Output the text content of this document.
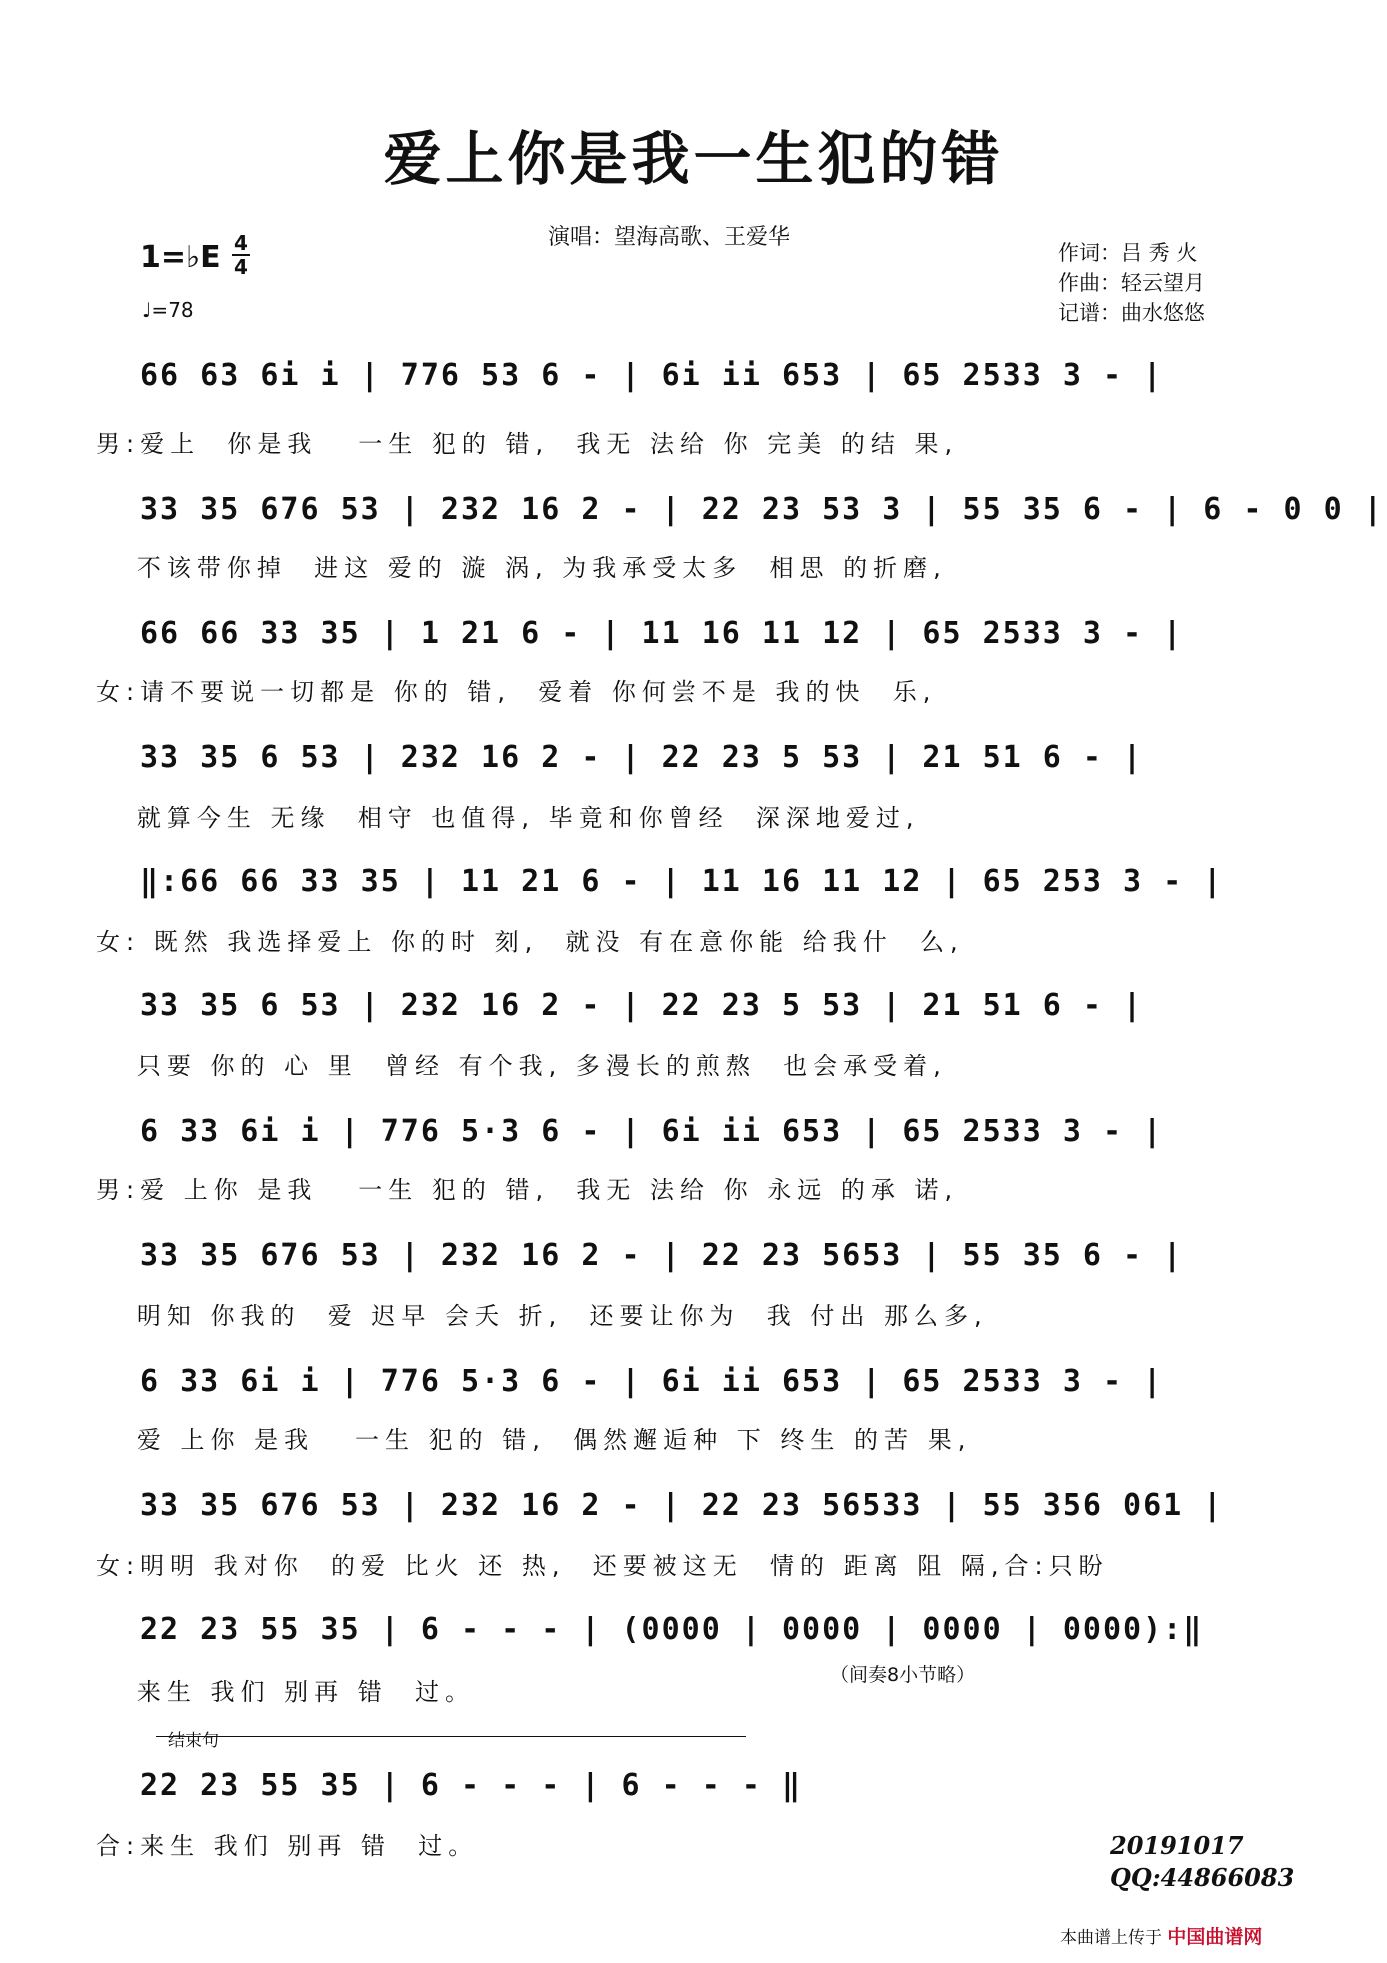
爱上你是我一生犯的错
演唱：望海高歌、王爱华
1=♭E 4
4
♩=78
作词：吕 秀 火
作曲：轻云望月
记谱：曲水悠悠
66 63 6i i | 776 53 6 - | 6i ii 653 | 65 2533 3 - |
男:爱上  你是我   一生 犯的 错,  我无 法给 你 完美 的结 果,
33 35 676 53 | 232 16 2 - | 22 23 53 3 | 55 35 6 - | 6 - 0 0 |
不该带你掉  进这 爱的 漩 涡, 为我承受太多  相思 的折磨,
66 66 33 35 | 1 21 6 - | 11 16 11 12 | 65 2533 3 - |
女:请不要说一切都是 你的 错,  爱着 你何尝不是 我的快  乐,
33 35 6 53 | 232 16 2 - | 22 23 5 53 | 21 51 6 - |
就算今生 无缘  相守 也值得, 毕竟和你曾经  深深地爱过,
‖:66 66 33 35 | 11 21 6 - | 11 16 11 12 | 65 253 3 - |
女: 既然 我选择爱上 你的时 刻,  就没 有在意你能 给我什  么,
33 35 6 53 | 232 16 2 - | 22 23 5 53 | 21 51 6 - |
只要 你的 心 里  曾经 有个我, 多漫长的煎熬  也会承受着,
6 33 6i i | 776 5·3 6 - | 6i ii 653 | 65 2533 3 - |
男:爱 上你 是我   一生 犯的 错,  我无 法给 你 永远 的承 诺,
33 35 676 53 | 232 16 2 - | 22 23 5653 | 55 35 6 - |
明知 你我的  爱 迟早 会夭 折,  还要让你为  我 付出 那么多,
6 33 6i i | 776 5·3 6 - | 6i ii 653 | 65 2533 3 - |
爱 上你 是我   一生 犯的 错,  偶然邂逅种 下 终生 的苦 果,
33 35 676 53 | 232 16 2 - | 22 23 56533 | 55 356 061 |
女:明明 我对你  的爱 比火 还 热,  还要被这无  情的 距离 阻 隔,合:只盼
22 23 55 35 | 6 - - - | (0000 | 0000 | 0000 | 0000):‖
来生 我们 别再 错  过。
（间奏8小节略）
结束句
22 23 55 35 | 6 - - - | 6 - - - ‖
合:来生 我们 别再 错  过。	20191017
QQ:44866083
本曲谱上传于 中国曲谱网
